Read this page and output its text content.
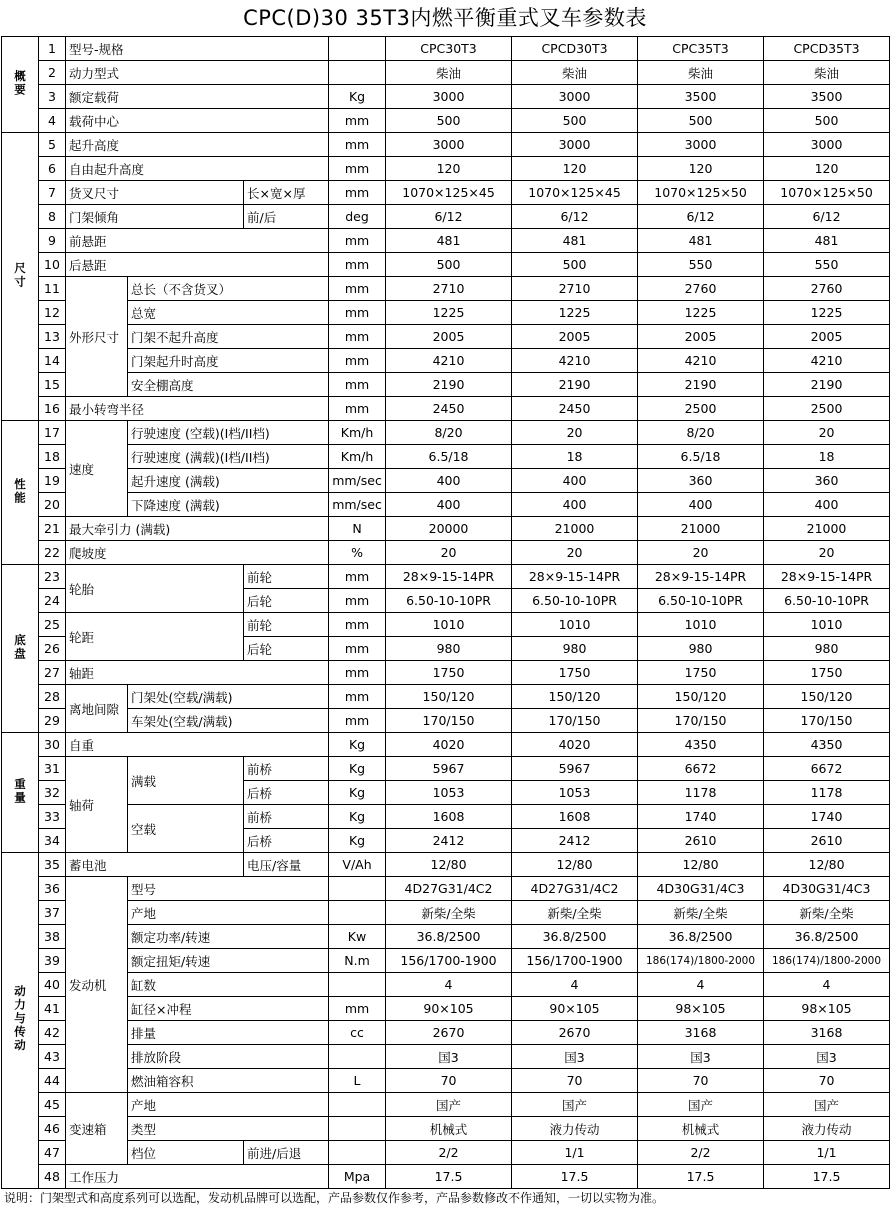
CPC(D)30 35T3内燃平衡重式叉车参数表
概要	1	型号-规格				CPC30T3	CPCD30T3	CPC35T3	CPCD35T3
	2	动力型式				柴油	柴油	柴油	柴油
	3	额定载荷			Kg	3000	3000	3500	3500
	4	载荷中心			mm	500	500	500	500
尺寸	5	起升高度			mm	3000	3000	3000	3000
	6	自由起升高度			mm	120	120	120	120
	7	货叉尺寸		长×宽×厚	mm	1070×125×45	1070×125×45	1070×125×50	1070×125×50
	8	门架倾角		前/后	deg	6/12	6/12	6/12	6/12
	9	前悬距			mm	481	481	481	481
	10	后悬距			mm	500	500	550	550
	11	外形尺寸	总长（不含货叉）		mm	2710	2710	2760	2760
	12		总宽		mm	1225	1225	1225	1225
	13		门架不起升高度		mm	2005	2005	2005	2005
	14		门架起升时高度		mm	4210	4210	4210	4210
	15		安全棚高度		mm	2190	2190	2190	2190
	16	最小转弯半径			mm	2450	2450	2500	2500
性能	17	速度	行驶速度 (空载)(I档/II档)		Km/h	8/20	20	8/20	20
	18		行驶速度 (满载)(I档/II档)		Km/h	6.5/18	18	6.5/18	18
	19		起升速度 (满载)		mm/sec	400	400	360	360
	20		下降速度 (满载)		mm/sec	400	400	400	400
	21	最大牵引力 (满载)			N	20000	21000	21000	21000
	22	爬坡度			%	20	20	20	20
底盘	23	轮胎		前轮	mm	28×9-15-14PR	28×9-15-14PR	28×9-15-14PR	28×9-15-14PR
	24			后轮	mm	6.50-10-10PR	6.50-10-10PR	6.50-10-10PR	6.50-10-10PR
	25	轮距		前轮	mm	1010	1010	1010	1010
	26			后轮	mm	980	980	980	980
	27	轴距			mm	1750	1750	1750	1750
	28	离地间隙	门架处(空载/满载)		mm	150/120	150/120	150/120	150/120
	29		车架处(空载/满载)		mm	170/150	170/150	170/150	170/150
重量	30	自重			Kg	4020	4020	4350	4350
	31	轴荷	满载	前桥	Kg	5967	5967	6672	6672
	32			后桥	Kg	1053	1053	1178	1178
	33		空载	前桥	Kg	1608	1608	1740	1740
	34			后桥	Kg	2412	2412	2610	2610
动力与传动	35	蓄电池		电压/容量	V/Ah	12/80	12/80	12/80	12/80
	36	发动机	型号			4D27G31/4C2	4D27G31/4C2	4D30G31/4C3	4D30G31/4C3
	37		产地			新柴/全柴	新柴/全柴	新柴/全柴	新柴/全柴
	38		额定功率/转速		Kw	36.8/2500	36.8/2500	36.8/2500	36.8/2500
	39		额定扭矩/转速		N.m	156/1700-1900	156/1700-1900	186(174)/1800-2000	186(174)/1800-2000
	40		缸数			4	4	4	4
	41		缸径×冲程		mm	90×105	90×105	98×105	98×105
	42		排量		cc	2670	2670	3168	3168
	43		排放阶段			国3	国3	国3	国3
	44		燃油箱容积		L	70	70	70	70
	45	变速箱	产地			国产	国产	国产	国产
	46		类型			机械式	液力传动	机械式	液力传动
	47		档位	前进/后退		2/2	1/1	2/2	1/1
	48	工作压力			Mpa	17.5	17.5	17.5	17.5
说明：门架型式和高度系列可以选配，发动机品牌可以选配，产品参数仅作参考，产品参数修改不作通知，一切以实物为准。
